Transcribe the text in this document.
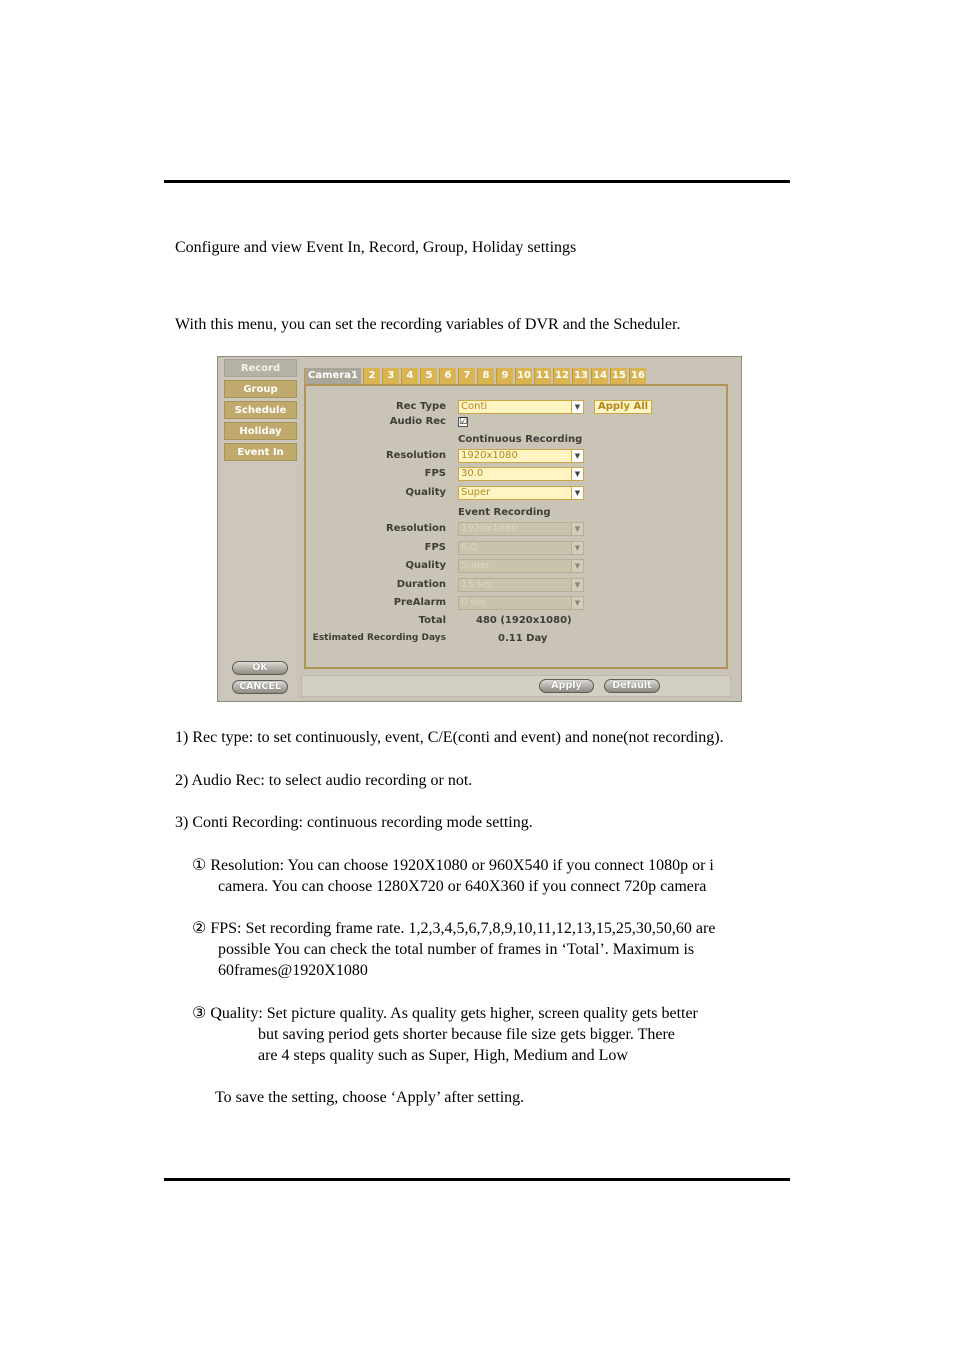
Configure and view Event In, Record, Group, Holiday settings
With this menu, you can set the recording variables of DVR and the Scheduler.
Record
Group
Schedule
Holiday
Event In
OK
CANCEL
Camera1	2	3	4	5	6	7	8	9 10 11 12 13 14 15 16
Rec Type	Conti	▼	Apply All
Audio Rec ☑
Continuous Recording
Resolution	1920x1080	▼
FPS	30.0	▼
Quality	Super	▼
Event Recording
Resolution	1920x1080	▼
FPS	6.0	▼
Quality	Super	▼
Duration	15 sec	▼
PreAlarm	0 sec	▼
Total	480 (1920x1080)
Estimated Recording Days	0.11 Day
Apply	Default
1) Rec type: to set continuously, event, C/E(conti and event) and none(not recording).
2) Audio Rec: to select audio recording or not.
3) Conti Recording: continuous recording mode setting.
① Resolution: You can choose 1920X1080 or 960X540 if you connect 1080p or i
camera. You can choose 1280X720 or 640X360 if you connect 720p camera
② FPS: Set recording frame rate. 1,2,3,4,5,6,7,8,9,10,11,12,13,15,25,30,50,60 are
possible You can check the total number of frames in ‘Total’. Maximum is
60frames@1920X1080
③ Quality: Set picture quality. As quality gets higher, screen quality gets better
but saving period gets shorter because file size gets bigger. There
are 4 steps quality such as Super, High, Medium and Low
To save the setting, choose ‘Apply’ after setting.
